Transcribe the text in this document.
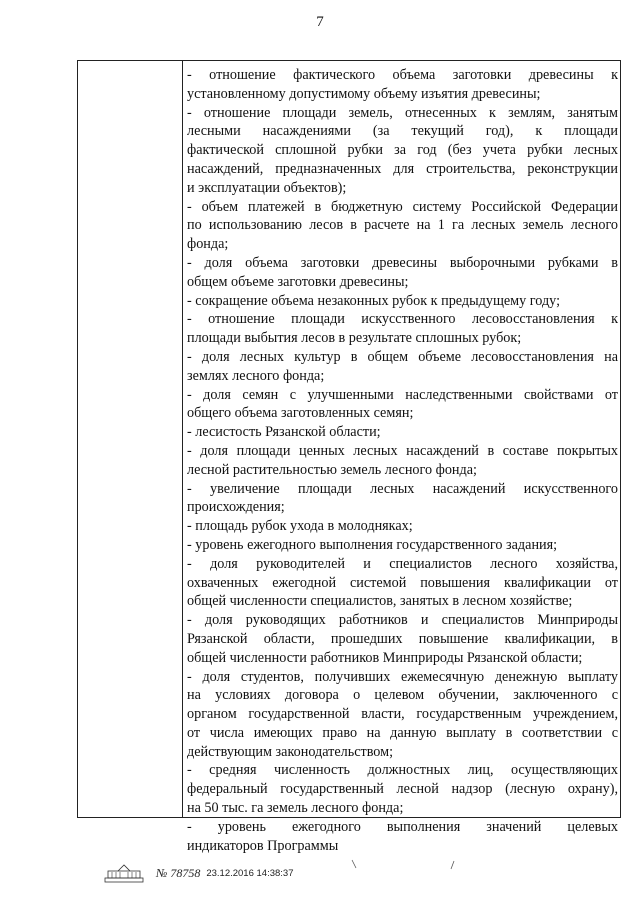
7
- отношение фактического объема заготовки древесины к
установленному допустимому объему изъятия древесины;
- отношение площади земель, отнесенных к землям, занятым
лесными насаждениями (за текущий год), к площади
фактической сплошной рубки за год (без учета рубки лесных
насаждений, предназначенных для строительства, реконструкции
и эксплуатации объектов);
- объем платежей в бюджетную систему Российской Федерации
по использованию лесов в расчете на 1 га лесных земель лесного
фонда;
- доля объема заготовки древесины выборочными рубками в
общем объеме заготовки древесины;
- сокращение объема незаконных рубок к предыдущему году;
- отношение площади искусственного лесовосстановления к
площади выбытия лесов в результате сплошных рубок;
- доля лесных культур в общем объеме лесовосстановления на
землях лесного фонда;
- доля семян с улучшенными наследственными свойствами от
общего объема заготовленных семян;
- лесистость Рязанской области;
- доля площади ценных лесных насаждений в составе покрытых
лесной растительностью земель лесного фонда;
- увеличение площади лесных насаждений искусственного
происхождения;
- площадь рубок ухода в молодняках;
- уровень ежегодного выполнения государственного задания;
- доля руководителей и специалистов лесного хозяйства,
охваченных ежегодной системой повышения квалификации от
общей численности специалистов, занятых в лесном хозяйстве;
- доля руководящих работников и специалистов Минприроды
Рязанской области, прошедших повышение квалификации, в
общей численности работников Минприроды Рязанской области;
- доля студентов, получивших ежемесячную денежную выплату
на условиях договора о целевом обучении, заключенного с
органом государственной власти, государственным учреждением,
от числа имеющих право на данную выплату в соответствии с
действующим законодательством;
- средняя численность должностных лиц, осуществляющих
федеральный государственный лесной надзор (лесную охрану),
на 50 тыс. га земель лесного фонда;
- уровень ежегодного выполнения значений целевых
индикаторов Программы
№ 78758 23.12.2016 14:38:37
